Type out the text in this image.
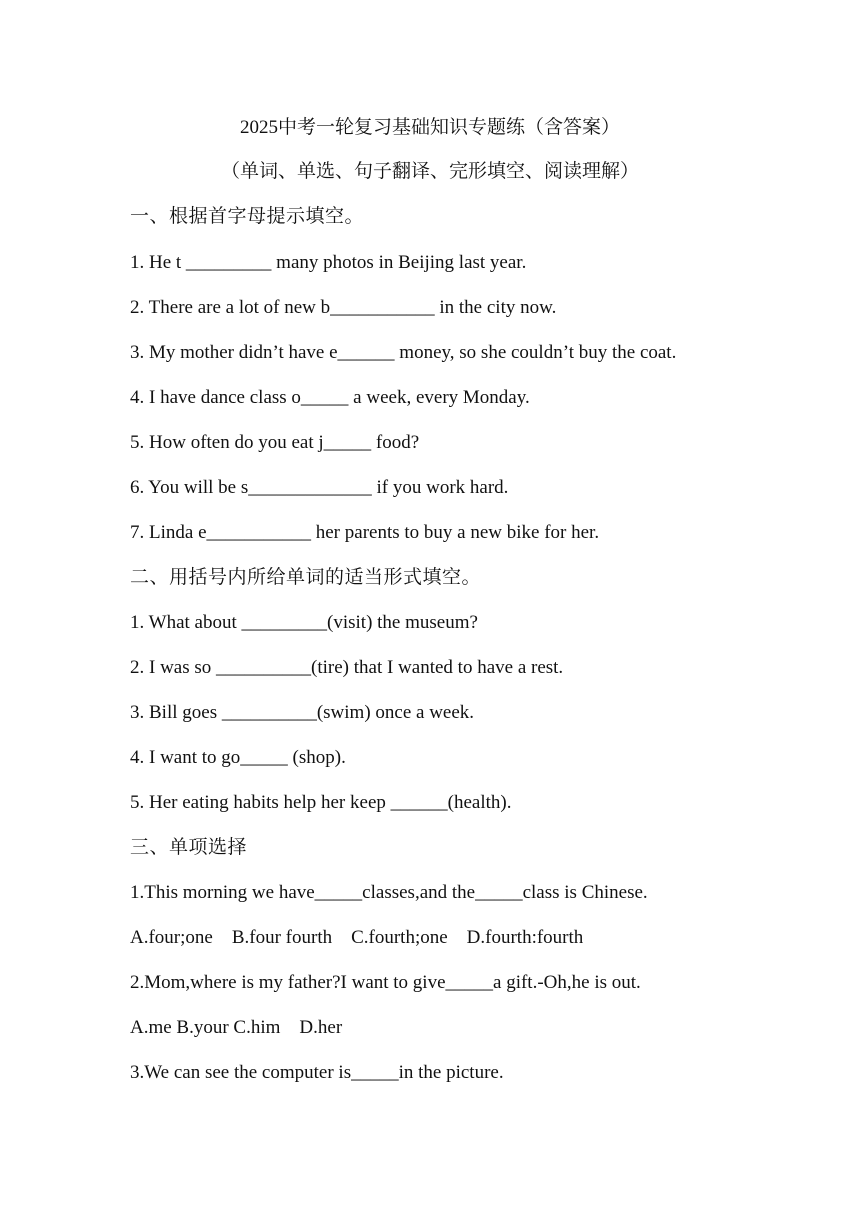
2025中考一轮复习基础知识专题练（含答案）
（单词、单选、句子翻译、完形填空、阅读理解）
一、根据首字母提示填空。
1. He t _________ many photos in Beijing last year.
2. There are a lot of new b___________ in the city now.
3. My mother didn’t have e______ money, so she couldn’t buy the coat.
4. I have dance class o_____ a week, every Monday.
5. How often do you eat j_____ food?
6. You will be s_____________ if you work hard.
7. Linda e___________ her parents to buy a new bike for her.
二、用括号内所给单词的适当形式填空。
1. What about _________(visit) the museum?
2. I was so __________(tire) that I wanted to have a rest.
3. Bill goes __________(swim) once a week.
4. I want to go_____ (shop).
5. Her eating habits help her keep ______(health).
三、单项选择
1.This morning we have_____classes,and the_____class is Chinese.
A.four;one　B.four fourth　C.fourth;one　D.fourth:fourth
2.Mom,where is my father?I want to give_____a gift.-Oh,he is out.
A.me B.your C.him　D.her
3.We can see the computer is_____in the picture.
